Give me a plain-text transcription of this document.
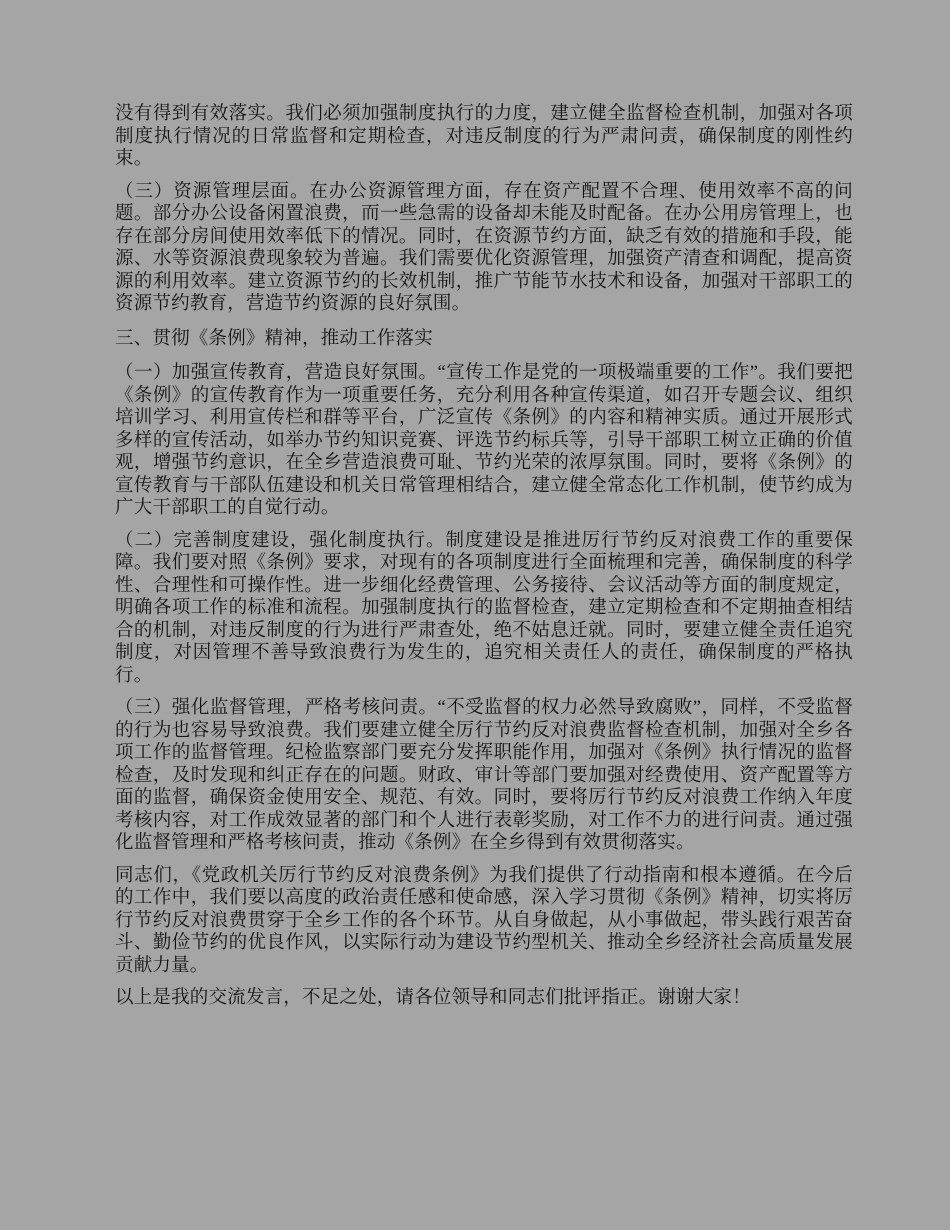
没有得到有效落实。我们必须加强制度执行的力度，建立健全监督检查机制，加强对各项制度执行情况的日常监督和定期检查，对违反制度的行为严肃问责，确保制度的刚性约束。

（三）资源管理层面。在办公资源管理方面，存在资产配置不合理、使用效率不高的问题。部分办公设备闲置浪费，而一些急需的设备却未能及时配备。在办公用房管理上，也存在部分房间使用效率低下的情况。同时，在资源节约方面，缺乏有效的措施和手段，能源、水等资源浪费现象较为普遍。我们需要优化资源管理，加强资产清查和调配，提高资源的利用效率。建立资源节约的长效机制，推广节能节水技术和设备，加强对干部职工的资源节约教育，营造节约资源的良好氛围。

三、贯彻《条例》精神，推动工作落实

（一）加强宣传教育，营造良好氛围。“宣传工作是党的一项极端重要的工作”。我们要把《条例》的宣传教育作为一项重要任务，充分利用各种宣传渠道，如召开专题会议、组织培训学习、利用宣传栏和群等平台，广泛宣传《条例》的内容和精神实质。通过开展形式多样的宣传活动，如举办节约知识竞赛、评选节约标兵等，引导干部职工树立正确的价值观，增强节约意识，在全乡营造浪费可耻、节约光荣的浓厚氛围。同时，要将《条例》的宣传教育与干部队伍建设和机关日常管理相结合，建立健全常态化工作机制，使节约成为广大干部职工的自觉行动。

（二）完善制度建设，强化制度执行。制度建设是推进厉行节约反对浪费工作的重要保障。我们要对照《条例》要求，对现有的各项制度进行全面梳理和完善，确保制度的科学性、合理性和可操作性。进一步细化经费管理、公务接待、会议活动等方面的制度规定，明确各项工作的标准和流程。加强制度执行的监督检查，建立定期检查和不定期抽查相结合的机制，对违反制度的行为进行严肃查处，绝不姑息迁就。同时，要建立健全责任追究制度，对因管理不善导致浪费行为发生的，追究相关责任人的责任，确保制度的严格执行。

（三）强化监督管理，严格考核问责。“不受监督的权力必然导致腐败”，同样，不受监督的行为也容易导致浪费。我们要建立健全厉行节约反对浪费监督检查机制，加强对全乡各项工作的监督管理。纪检监察部门要充分发挥职能作用，加强对《条例》执行情况的监督检查，及时发现和纠正存在的问题。财政、审计等部门要加强对经费使用、资产配置等方面的监督，确保资金使用安全、规范、有效。同时，要将厉行节约反对浪费工作纳入年度考核内容，对工作成效显著的部门和个人进行表彰奖励，对工作不力的进行问责。通过强化监督管理和严格考核问责，推动《条例》在全乡得到有效贯彻落实。

同志们，《党政机关厉行节约反对浪费条例》为我们提供了行动指南和根本遵循。在今后的工作中，我们要以高度的政治责任感和使命感，深入学习贯彻《条例》精神，切实将厉行节约反对浪费贯穿于全乡工作的各个环节。从自身做起，从小事做起，带头践行艰苦奋斗、勤俭节约的优良作风，以实际行动为建设节约型机关、推动全乡经济社会高质量发展贡献力量。

以上是我的交流发言，不足之处，请各位领导和同志们批评指正。谢谢大家！
